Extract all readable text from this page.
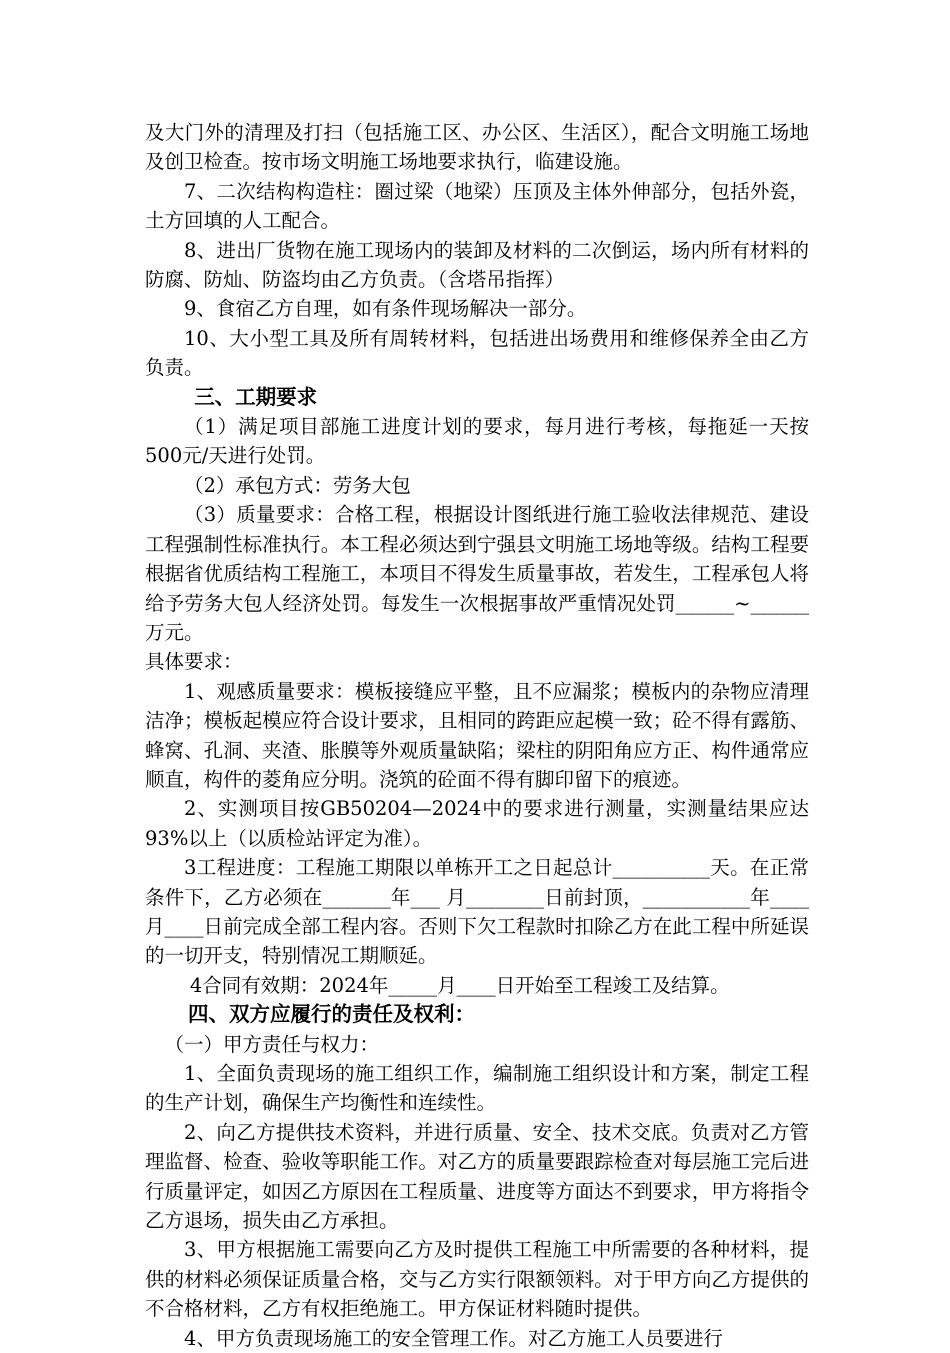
及大门外的清理及打扫（包括施工区、办公区、生活区），配合文明施工场地及创卫检查。按市场文明施工场地要求执行，临建设施。

7、二次结构构造柱：圈过梁（地梁）压顶及主体外伸部分，包括外瓷，土方回填的人工配合。

8、进出厂货物在施工现场内的装卸及材料的二次倒运，场内所有材料的防腐、防灿、防盗均由乙方负责。（含塔吊指挥）

9、食宿乙方自理，如有条件现场解决一部分。

10、大小型工具及所有周转材料，包括进出场费用和维修保养全由乙方负责。

三、工期要求

（1）满足项目部施工进度计划的要求，每月进行考核，每拖延一天按500元/天进行处罚。

（2）承包方式：劳务大包

（3）质量要求：合格工程，根据设计图纸进行施工验收法律规范、建设工程强制性标准执行。本工程必须达到宁强县文明施工场地等级。结构工程要根据省优质结构工程施工，本项目不得发生质量事故，若发生，工程承包人将给予劳务大包人经济处罚。每发生一次根据事故严重情况处罚______~______万元。

具体要求：

1、观感质量要求：模板接缝应平整，且不应漏浆；模板内的杂物应清理洁净；模板起模应符合设计要求，且相同的跨距应起模一致；砼不得有露筋、蜂窝、孔洞、夹渣、胀膜等外观质量缺陷；梁柱的阴阳角应方正、构件通常应顺直，构件的菱角应分明。浇筑的砼面不得有脚印留下的痕迹。

2、实测项目按GB50204—2024中的要求进行测量，实测量结果应达93%以上（以质检站评定为准）。

3工程进度：工程施工期限以单栋开工之日起总计__________天。在正常条件下，乙方必须在_______年___ 月________日前封顶，___________年____月____日前完成全部工程内容。否则下欠工程款时扣除乙方在此工程中所延误的一切开支，特别情况工期顺延。

4合同有效期：2024年_____月____日开始至工程竣工及结算。

四、双方应履行的责任及权利：

（一）甲方责任与权力：

1、全面负责现场的施工组织工作，编制施工组织设计和方案，制定工程的生产计划，确保生产均衡性和连续性。

2、向乙方提供技术资料，并进行质量、安全、技术交底。负责对乙方管理监督、检查、验收等职能工作。对乙方的质量要跟踪检查对每层施工完后进行质量评定，如因乙方原因在工程质量、进度等方面达不到要求，甲方将指令乙方退场，损失由乙方承担。

3、甲方根据施工需要向乙方及时提供工程施工中所需要的各种材料，提供的材料必须保证质量合格，交与乙方实行限额领料。对于甲方向乙方提供的不合格材料，乙方有权拒绝施工。甲方保证材料随时提供。

4、甲方负责现场施工的安全管理工作。对乙方施工人员要进行
